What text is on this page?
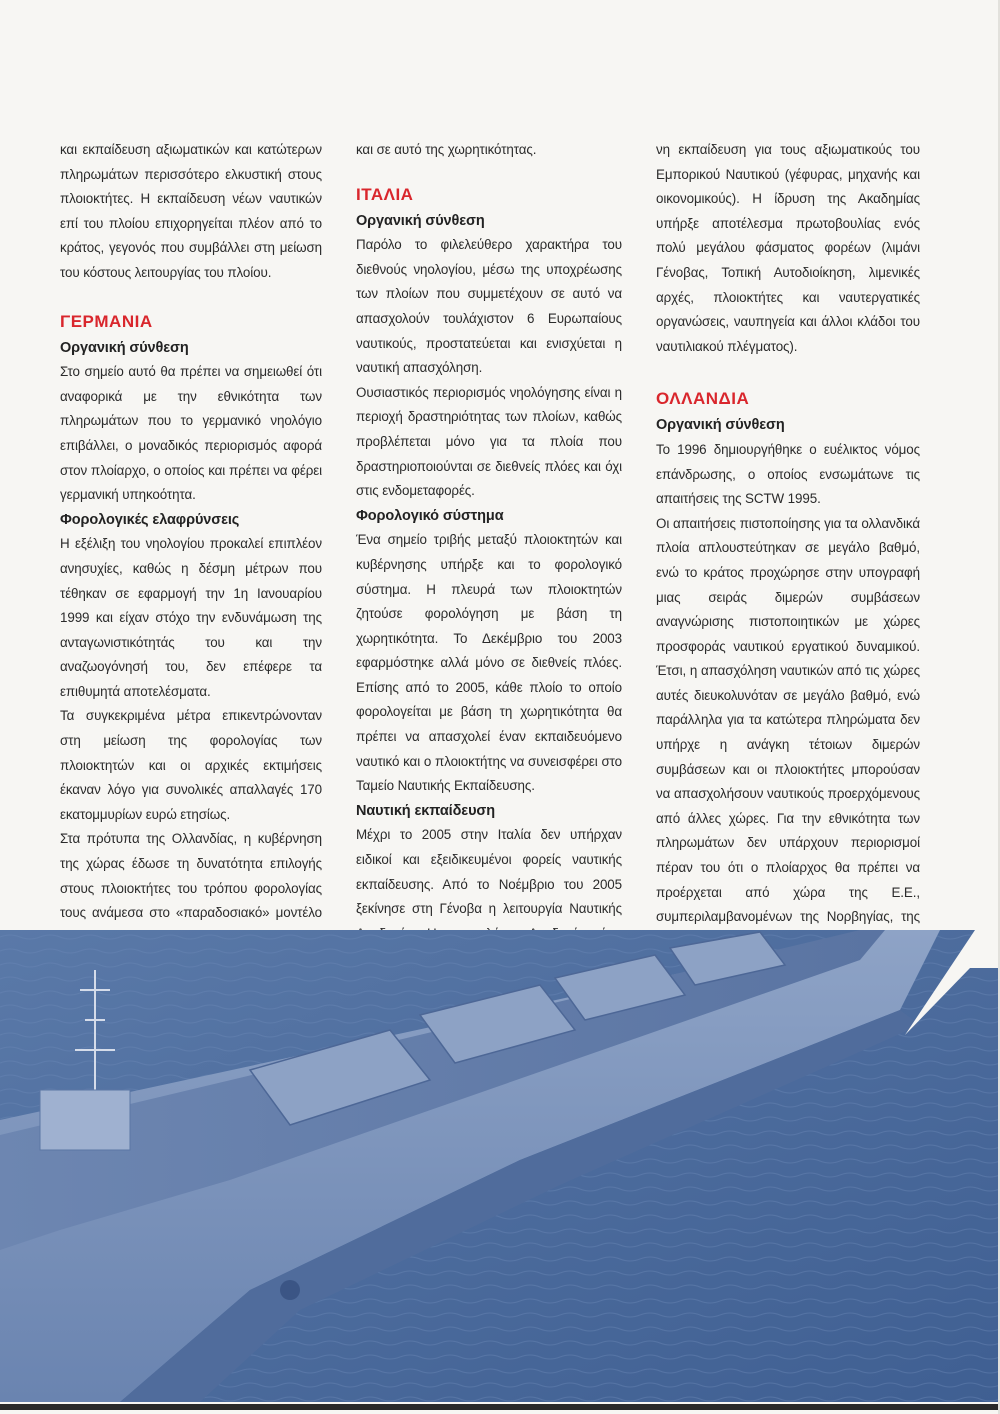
και εκπαίδευση αξιωματικών και κατώτερων πληρωμάτων περισσότερο ελκυστική στους πλοιοκτήτες. Η εκπαίδευση νέων ναυτικών επί του πλοίου επιχορηγείται πλέον από το κράτος, γεγονός που συμβάλλει στη μείωση του κόστους λειτουργίας του πλοίου.

ΓΕΡΜΑΝΙΑ
Οργανική σύνθεση

Στο σημείο αυτό θα πρέπει να σημειωθεί ότι αναφορικά με την εθνικότητα των πληρωμάτων που το γερμανικό νηολόγιο επιβάλλει, ο μοναδικός περιορισμός αφορά στον πλοίαρχο, ο οποίος και πρέπει να φέρει γερμανική υπηκοότητα.

Φορολογικές ελαφρύνσεις

Η εξέλιξη του νηολογίου προκαλεί επιπλέον ανησυχίες, καθώς η δέσμη μέτρων που τέθηκαν σε εφαρμογή την 1η Ιανουαρίου 1999 και είχαν στόχο την ενδυνάμωση της ανταγωνιστικότητάς του και την αναζωογόνησή του, δεν επέφερε τα επιθυμητά αποτελέσματα.

Τα συγκεκριμένα μέτρα επικεντρώνονταν στη μείωση της φορολογίας των πλοιοκτητών και οι αρχικές εκτιμήσεις έκαναν λόγο για συνολικές απαλλαγές 170 εκατομμυρίων ευρώ ετησίως.

Στα πρότυπα της Ολλανδίας, η κυβέρνηση της χώρας έδωσε τη δυνατότητα επιλογής στους πλοιοκτήτες του τρόπου φορολογίας τους ανάμεσα στο «παραδοσιακό» μοντέλο

και σε αυτό της χωρητικότητας.

ΙΤΑΛΙΑ
Οργανική σύνθεση

Παρόλο το φιλελεύθερο χαρακτήρα του διεθνούς νηολογίου, μέσω της υποχρέωσης των πλοίων που συμμετέχουν σε αυτό να απασχολούν τουλάχιστον 6 Ευρωπαίους ναυτικούς, προστατεύεται και ενισχύεται η ναυτική απασχόληση.

Ουσιαστικός περιορισμός νηολόγησης είναι η περιοχή δραστηριότητας των πλοίων, καθώς προβλέπεται μόνο για τα πλοία που δραστηριοποιούνται σε διεθνείς πλόες και όχι στις ενδομεταφορές.

Φορολογικό σύστημα

Ένα σημείο τριβής μεταξύ πλοιοκτητών και κυβέρνησης υπήρξε και το φορολογικό σύστημα. Η πλευρά των πλοιοκτητών ζητούσε φορολόγηση με βάση τη χωρητικότητα. Το Δεκέμβριο του 2003 εφαρμόστηκε αλλά μόνο σε διεθνείς πλόες. Επίσης από το 2005, κάθε πλοίο το οποίο φορολογείται με βάση τη χωρητικότητα θα πρέπει να απασχολεί έναν εκπαιδευόμενο ναυτικό και ο πλοιοκτήτης να συνεισφέρει στο Ταμείο Ναυτικής Εκπαίδευσης.

Ναυτική εκπαίδευση

Μέχρι το 2005 στην Ιταλία δεν υπήρχαν ειδικοί και εξειδικευμένοι φορείς ναυτικής εκπαίδευσης. Από το Νοέμβριο του 2005 ξεκίνησε στη Γένοβα η λειτουργία Ναυτικής

νη εκπαίδευση για τους αξιωματικούς του Εμπορικού Ναυτικού (γέφυρας, μηχανής και οικονομικούς). Η ίδρυση της Ακαδημίας υπήρξε αποτέλεσμα πρωτοβουλίας ενός πολύ μεγάλου φάσματος φορέων (λιμάνι Γένοβας, Τοπική Αυτοδιοίκηση, λιμενικές αρχές, πλοιοκτήτες και ναυτεργατικές οργανώσεις, ναυπηγεία και άλλοι κλάδοι του ναυτιλιακού πλέγματος).

ΟΛΛΑΝΔΙΑ
Οργανική σύνθεση

Το 1996 δημιουργήθηκε ο ευέλικτος νόμος επάνδρωσης, ο οποίος ενσωμάτωνε τις απαιτήσεις της SCTW 1995.

Οι απαιτήσεις πιστοποίησης για τα ολλανδικά πλοία απλουστεύτηκαν σε μεγάλο βαθμό, ενώ το κράτος προχώρησε στην υπογραφή μιας σειράς διμερών συμβάσεων αναγνώρισης πιστοποιητικών με χώρες προσφοράς ναυτικού εργατικού δυναμικού. Έτσι, η απασχόληση ναυτικών από τις χώρες αυτές διευκολυνόταν σε μεγάλο βαθμό, ενώ παράλληλα για τα κατώτερα πληρώματα δεν υπήρχε η ανάγκη τέτοιων διμερών συμβάσεων και οι πλοιοκτήτες μπορούσαν να απασχολήσουν ναυτικούς προερχόμενους από άλλες χώρες. Για την εθνικότητα των πληρωμάτων δεν υπάρχουν περιορισμοί πέραν του ότι ο πλοίαρχος θα πρέπει να προέρχεται από χώρα της Ε.Ε., συμπεριλαμβανομένων της Νορβηγίας, της
